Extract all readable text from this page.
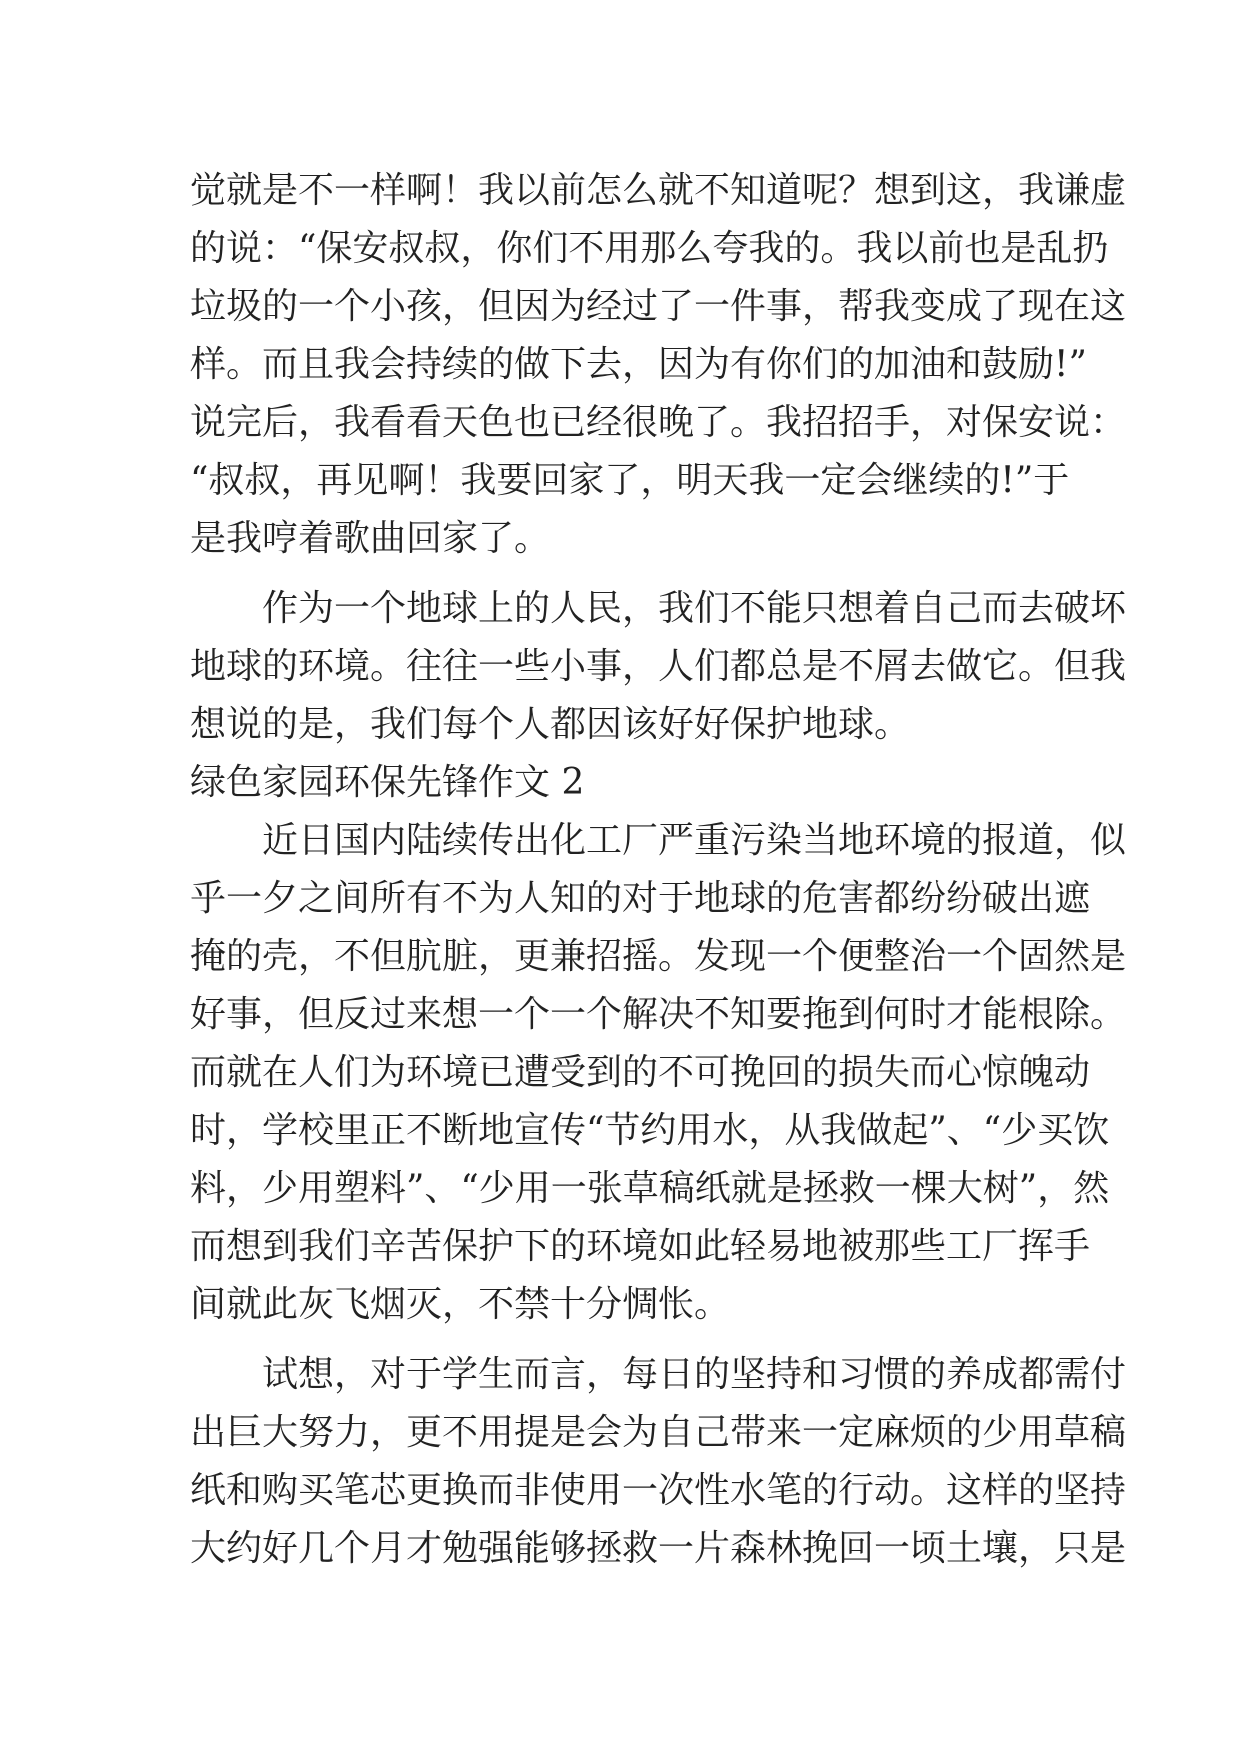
觉就是不一样啊！我以前怎么就不知道呢？想到这，我谦虚
的说：“保安叔叔，你们不用那么夸我的。我以前也是乱扔
垃圾的一个小孩，但因为经过了一件事，帮我变成了现在这
样。而且我会持续的做下去，因为有你们的加油和鼓励!”
说完后，我看看天色也已经很晚了。我招招手，对保安说：
“叔叔，再见啊！我要回家了，明天我一定会继续的!”于
是我哼着歌曲回家了。
作为一个地球上的人民，我们不能只想着自己而去破坏
地球的环境。往往一些小事，人们都总是不屑去做它。但我
想说的是，我们每个人都因该好好保护地球。
绿色家园环保先锋作文 2
近日国内陆续传出化工厂严重污染当地环境的报道，似
乎一夕之间所有不为人知的对于地球的危害都纷纷破出遮
掩的壳，不但肮脏，更兼招摇。发现一个便整治一个固然是
好事，但反过来想一个一个解决不知要拖到何时才能根除。
而就在人们为环境已遭受到的不可挽回的损失而心惊魄动
时，学校里正不断地宣传“节约用水，从我做起”、“少买饮
料，少用塑料”、“少用一张草稿纸就是拯救一棵大树”，然
而想到我们辛苦保护下的环境如此轻易地被那些工厂挥手
间就此灰飞烟灭，不禁十分惆怅。
试想，对于学生而言，每日的坚持和习惯的养成都需付
出巨大努力，更不用提是会为自己带来一定麻烦的少用草稿
纸和购买笔芯更换而非使用一次性水笔的行动。这样的坚持
大约好几个月才勉强能够拯救一片森林挽回一顷土壤，只是
